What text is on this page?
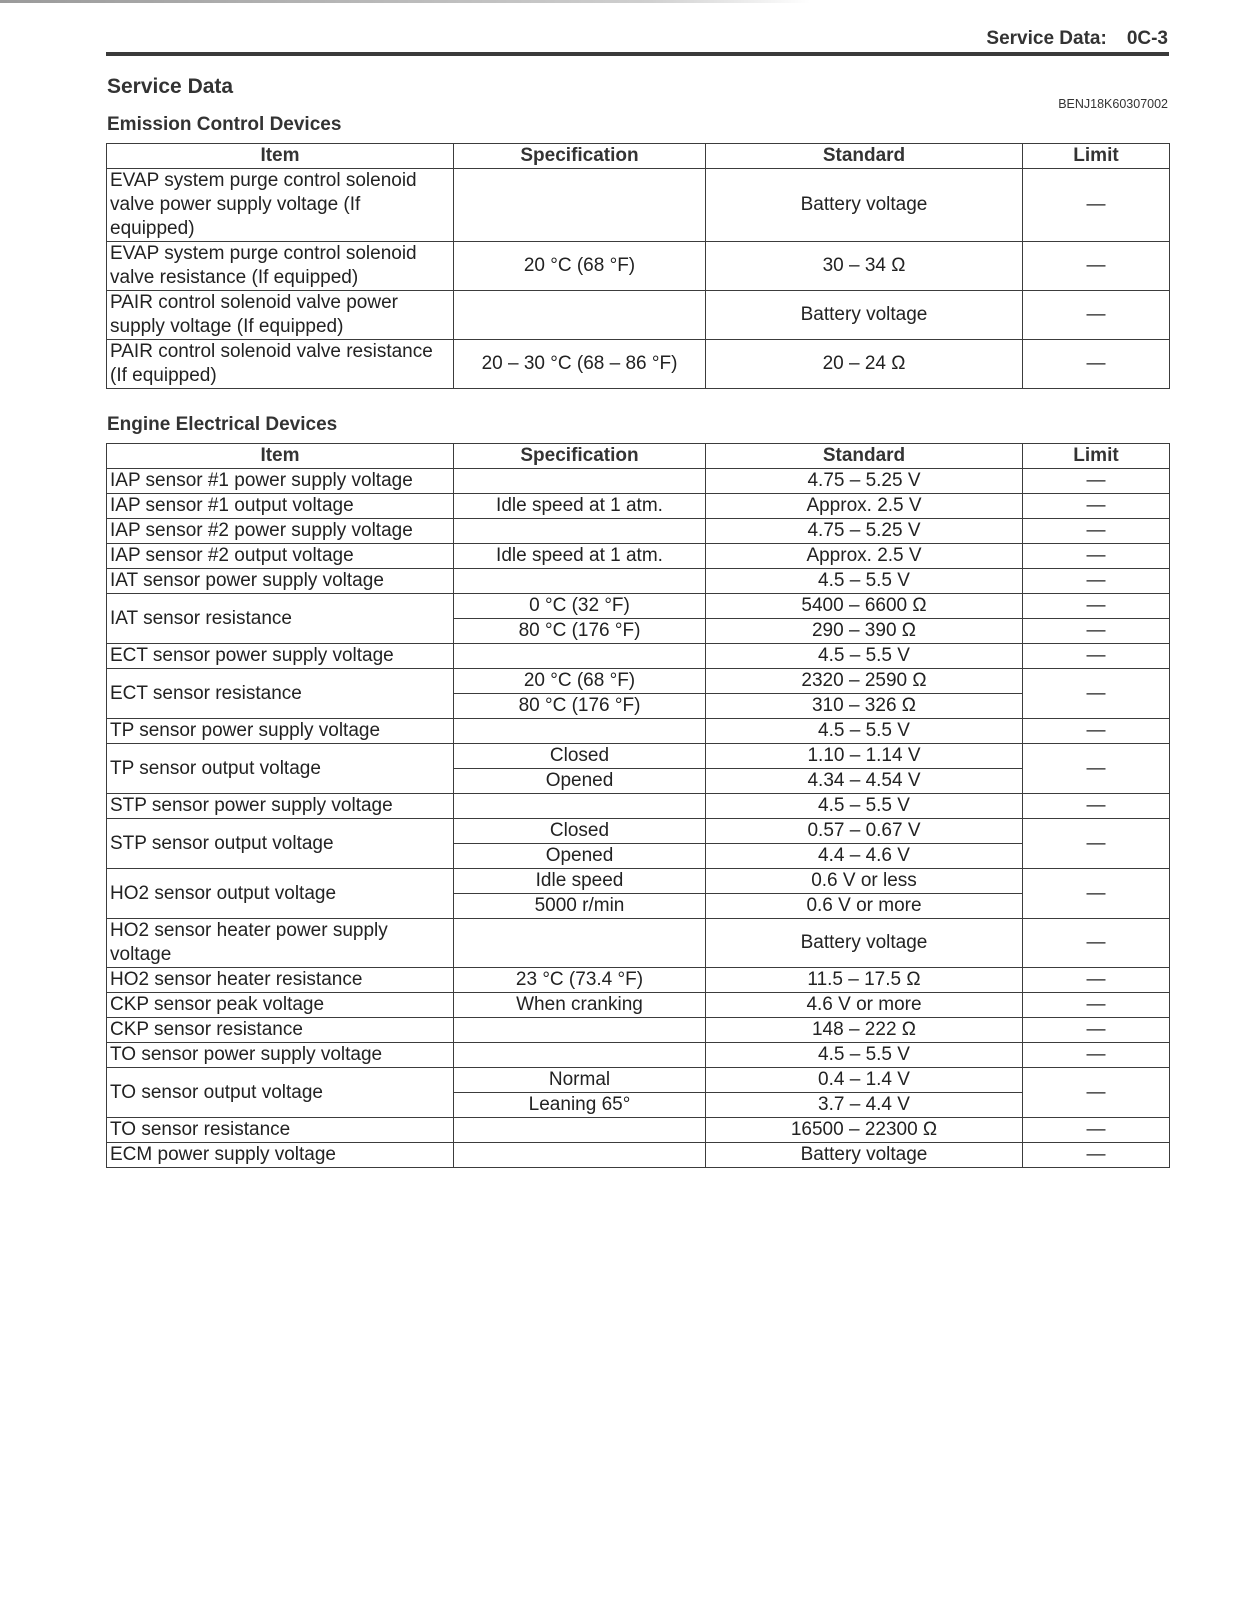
Service Data: 0C-3
Service Data
BENJ18K60307002
Emission Control Devices
Item	Specification	Standard	Limit
EVAP system purge control solenoid valve power supply voltage (If equipped)		Battery voltage	—
EVAP system purge control solenoid valve resistance (If equipped)	20 °C (68 °F)	30 – 34 Ω	—
PAIR control solenoid valve power supply voltage (If equipped)		Battery voltage	—
PAIR control solenoid valve resistance (If equipped)	20 – 30 °C (68 – 86 °F)	20 – 24 Ω	—
Engine Electrical Devices
Item	Specification	Standard	Limit
IAP sensor #1 power supply voltage		4.75 – 5.25 V	—
IAP sensor #1 output voltage	Idle speed at 1 atm.	Approx. 2.5 V	—
IAP sensor #2 power supply voltage		4.75 – 5.25 V	—
IAP sensor #2 output voltage	Idle speed at 1 atm.	Approx. 2.5 V	—
IAT sensor power supply voltage		4.5 – 5.5 V	—
IAT sensor resistance	0 °C (32 °F)	5400 – 6600 Ω	—
	80 °C (176 °F)	290 – 390 Ω	—
ECT sensor power supply voltage		4.5 – 5.5 V	—
ECT sensor resistance	20 °C (68 °F)	2320 – 2590 Ω	—
	80 °C (176 °F)	310 – 326 Ω	
TP sensor power supply voltage		4.5 – 5.5 V	—
TP sensor output voltage	Closed	1.10 – 1.14 V	—
	Opened	4.34 – 4.54 V	
STP sensor power supply voltage		4.5 – 5.5 V	—
STP sensor output voltage	Closed	0.57 – 0.67 V	—
	Opened	4.4 – 4.6 V	
HO2 sensor output voltage	Idle speed	0.6 V or less	—
	5000 r/min	0.6 V or more	
HO2 sensor heater power supply voltage		Battery voltage	—
HO2 sensor heater resistance	23 °C (73.4 °F)	11.5 – 17.5 Ω	—
CKP sensor peak voltage	When cranking	4.6 V or more	—
CKP sensor resistance		148 – 222 Ω	—
TO sensor power supply voltage		4.5 – 5.5 V	—
TO sensor output voltage	Normal	0.4 – 1.4 V	—
	Leaning 65°	3.7 – 4.4 V	
TO sensor resistance		16500 – 22300 Ω	—
ECM power supply voltage		Battery voltage	—
